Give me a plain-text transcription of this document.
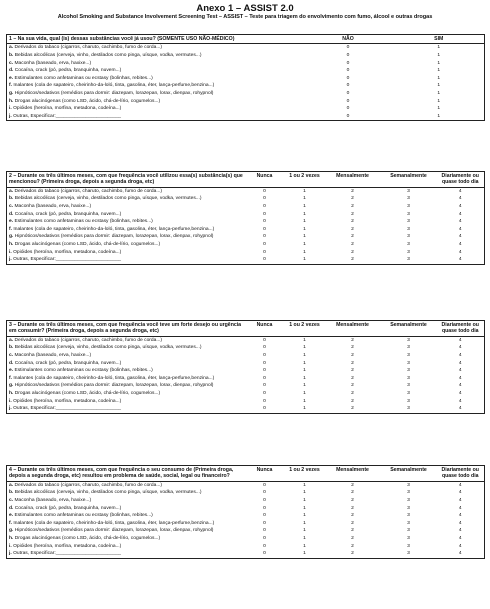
Anexo 1 – ASSIST 2.0
Alcohol Smoking and Substance Involvement Screening Test – ASSIST – Teste para triagem do envolvimento com fumo, álcool e outras drogas
1 – Na sua vida, qual (is) dessas substâncias você já usou? (SOMENTE USO NÃO-MÉDICO)	NÃO	SIM
a. Derivados do tabaco (cigarros, charuto, cachimbo, fumo de corda...)	0	1
b. Bebidas alcoólicas (cerveja, vinho, destilados como pinga, uísque, vodka, vermutes...)	0	1
c. Maconha (baseado, erva, haxixe...)	0	1
d. Cocaína, crack (pó, pedra, branquinha, nuvem...)	0	1
e. Estimulantes como anfetaminas ou ecstasy (bolinhas, rebites...)	0	1
f. Inalantes (cola de sapateiro, cheirinho-da-loló, tinta, gasolina, éter, lança-perfume,benzina...)	0	1
g. Hipnóticos/sedativos (remédios para dormir: diazepam, lorazepan, lorax, dienpax, rohypnol)	0	1
h. Drogas alucinógenas (como LSD, ácido, chá-de-lírio, cogumelos...)	0	1
i. Opióides (heroína, morfina, metadona, codeína...)	0	1
j. Outras, Especificar:________________________	0	1
2 – Durante os três últimos meses, com que frequência você utilizou essa(s) substância(s) que mencionou? (Primeira droga, depois a segunda droga, etc)	Nunca	1 ou 2 vezes	Mensalmente	Semanalmente	Diariamente ou quase todo dia
a. Derivados do tabaco (cigarros, charuto, cachimbo, fumo de corda...)	0	1	2	3	4
b. Bebidas alcoólicas (cerveja, vinho, destilados como pinga, uísque, vodka, vermutes...)	0	1	2	3	4
c. Maconha (baseado, erva, haxixe...)	0	1	2	3	4
d. Cocaína, crack (pó, pedra, branquinha, nuvem...)	0	1	2	3	4
e. Estimulantes como anfetaminas ou ecstasy (bolinhas, rebites...)	0	1	2	3	4
f. Inalantes (cola de sapateiro, cheirinho-da-loló, tinta, gasolina, éter, lança-perfume,benzina...)	0	1	2	3	4
g. Hipnóticos/sedativos (remédios para dormir: diazepam, lorazepan, lorax, dienpax, rohypnol)	0	1	2	3	4
h. Drogas alucinógenas (como LSD, ácido, chá-de-lírio, cogumelos...)	0	1	2	3	4
i. Opióides (heroína, morfina, metadona, codeína...)	0	1	2	3	4
j. Outras, Especificar:________________________	0	1	2	3	4
3 – Durante os três últimos meses, com que frequência você teve um forte desejo ou urgência em consumir? (Primeira droga, depois a segunda droga, etc)	Nunca	1 ou 2 vezes	Mensalmente	Semanalmente	Diariamente ou quase todo dia
a. Derivados do tabaco (cigarros, charuto, cachimbo, fumo de corda...)	0	1	2	3	4
b. Bebidas alcoólicas (cerveja, vinho, destilados como pinga, uísque, vodka, vermutes...)	0	1	2	3	4
c. Maconha (baseado, erva, haxixe...)	0	1	2	3	4
d. Cocaína, crack (pó, pedra, branquinha, nuvem...)	0	1	2	3	4
e. Estimulantes como anfetaminas ou ecstasy (bolinhas, rebites...)	0	1	2	3	4
f. Inalantes (cola de sapateiro, cheirinho-da-loló, tinta, gasolina, éter, lança-perfume,benzina...)	0	1	2	3	4
g. Hipnóticos/sedativos (remédios para dormir: diazepam, lorazepan, lorax, dienpax, rohypnol)	0	1	2	3	4
h. Drogas alucinógenas (como LSD, ácido, chá-de-lírio, cogumelos...)	0	1	2	3	4
i. Opióides (heroína, morfina, metadona, codeína...)	0	1	2	3	4
j. Outras, Especificar:________________________	0	1	2	3	4
4 – Durante os três últimos meses, com que frequência o seu consumo de (Primeira droga, depois a segunda droga, etc) resultou em problema de saúde, social, legal ou financeiro?	Nunca	1 ou 2 vezes	Mensalmente	Semanalmente	Diariamente ou quase todo dia
a. Derivados do tabaco (cigarros, charuto, cachimbo, fumo de corda...)	0	1	2	3	4
b. Bebidas alcoólicas (cerveja, vinho, destilados como pinga, uísque, vodka, vermutes...)	0	1	2	3	4
c. Maconha (baseado, erva, haxixe...)	0	1	2	3	4
d. Cocaína, crack (pó, pedra, branquinha, nuvem...)	0	1	2	3	4
e. Estimulantes como anfetaminas ou ecstasy (bolinhas, rebites...)	0	1	2	3	4
f. Inalantes (cola de sapateiro, cheirinho-da-loló, tinta, gasolina, éter, lança-perfume,benzina...)	0	1	2	3	4
g. Hipnóticos/sedativos (remédios para dormir: diazepam, lorazepan, lorax, dienpax, rohypnol)	0	1	2	3	4
h. Drogas alucinógenas (como LSD, ácido, chá-de-lírio, cogumelos...)	0	1	2	3	4
i. Opióides (heroína, morfina, metadona, codeína...)	0	1	2	3	4
j. Outras, Especificar:________________________	0	1	2	3	4
